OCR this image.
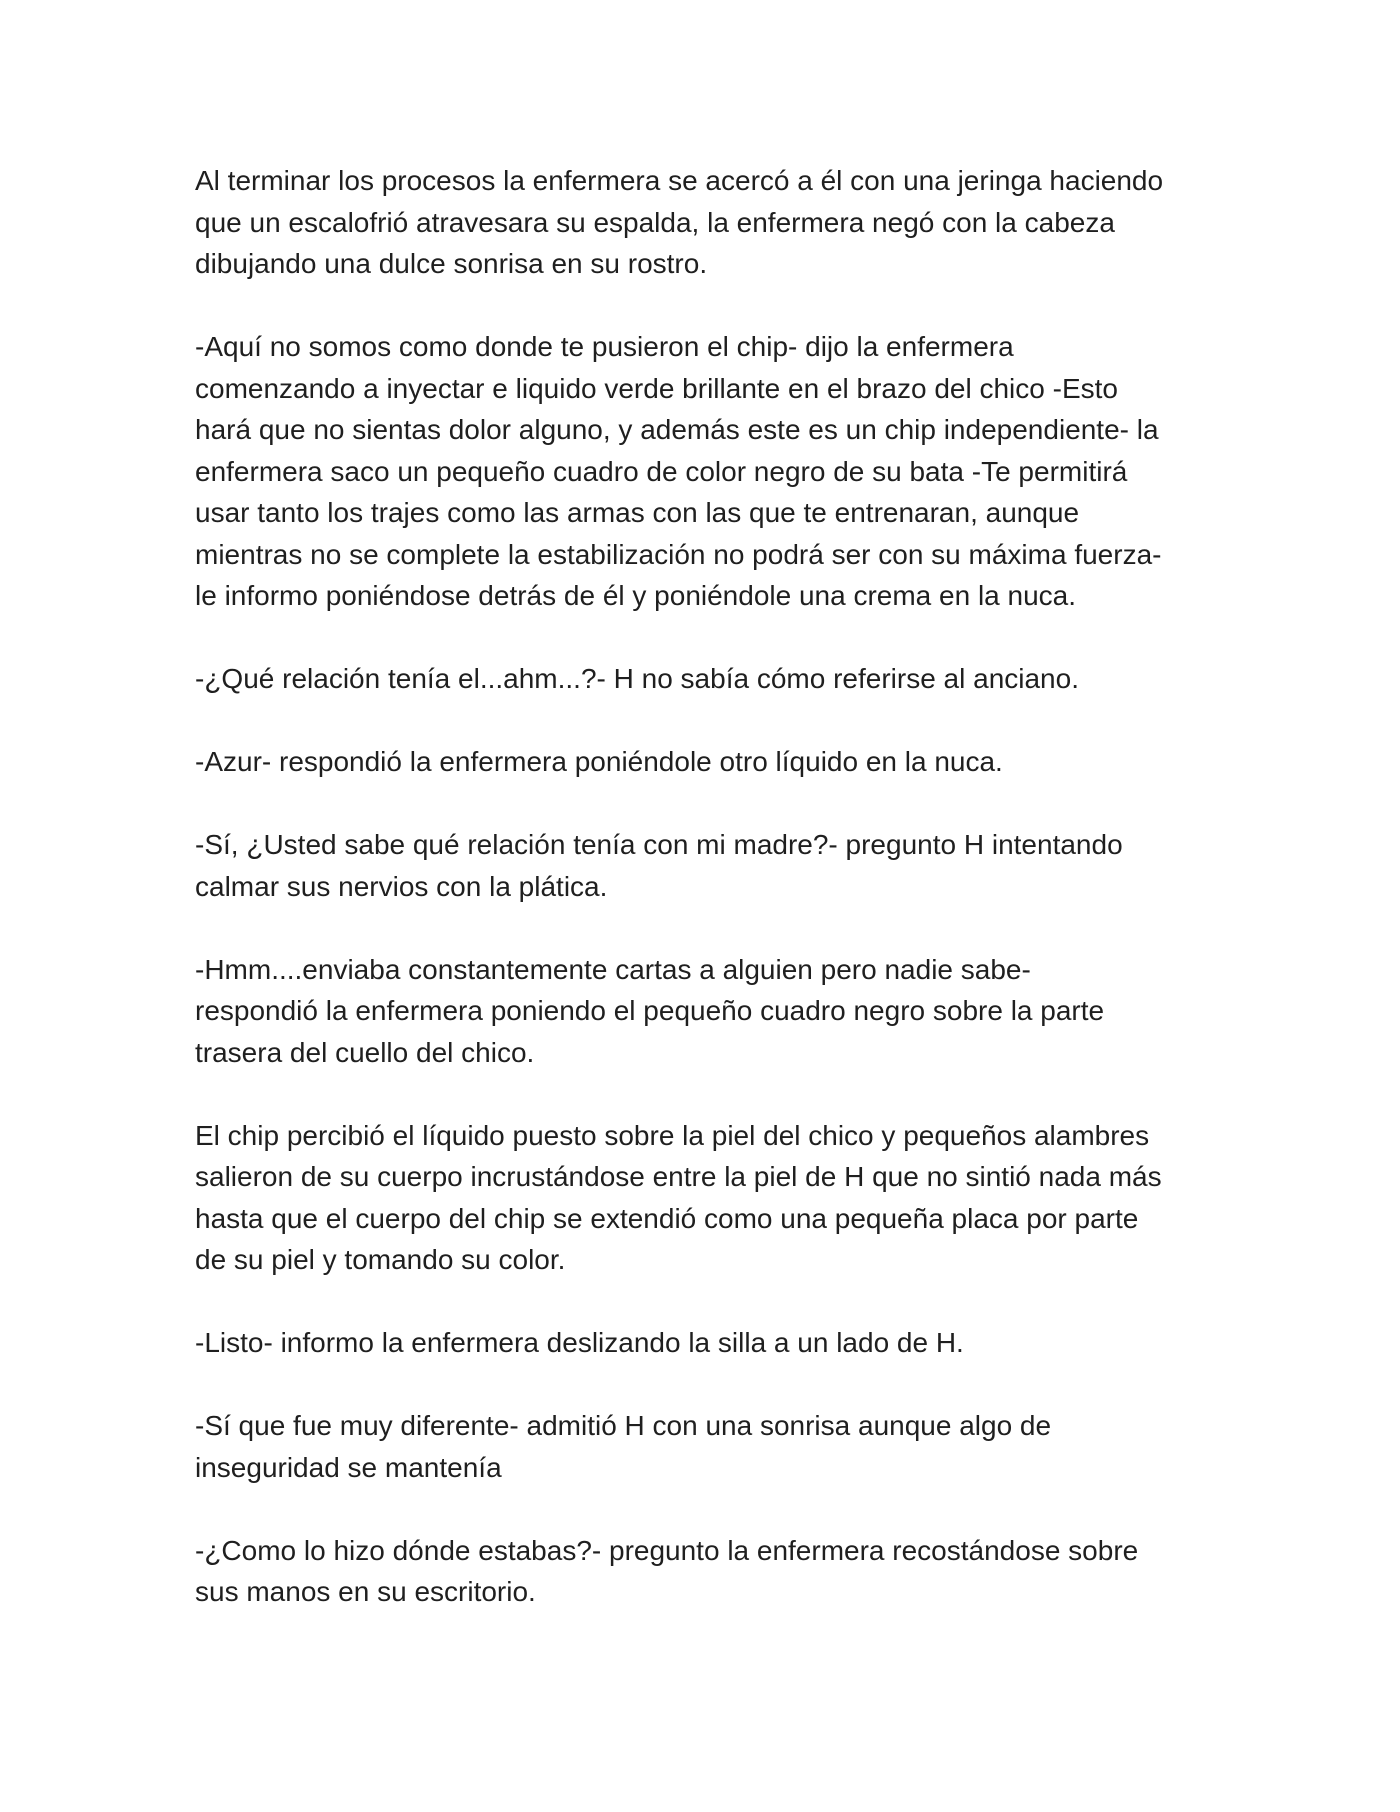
Al terminar los procesos la enfermera se acercó a él con una jeringa haciendo
que un escalofrió atravesara su espalda, la enfermera negó con la cabeza
dibujando una dulce sonrisa en su rostro.

-Aquí no somos como donde te pusieron el chip- dijo la enfermera
comenzando a inyectar e liquido verde brillante en el brazo del chico -Esto
hará que no sientas dolor alguno, y además este es un chip independiente- la
enfermera saco un pequeño cuadro de color negro de su bata -Te permitirá
usar tanto los trajes como las armas con las que te entrenaran, aunque
mientras no se complete la estabilización no podrá ser con su máxima fuerza-
le informo poniéndose detrás de él y poniéndole una crema en la nuca.

-¿Qué relación tenía el...ahm...?- H no sabía cómo referirse al anciano.

-Azur- respondió la enfermera poniéndole otro líquido en la nuca.

-Sí, ¿Usted sabe qué relación tenía con mi madre?- pregunto H intentando
calmar sus nervios con la plática.

-Hmm....enviaba constantemente cartas a alguien pero nadie sabe-
respondió la enfermera poniendo el pequeño cuadro negro sobre la parte
trasera del cuello del chico.

El chip percibió el líquido puesto sobre la piel del chico y pequeños alambres
salieron de su cuerpo incrustándose entre la piel de H que no sintió nada más
hasta que el cuerpo del chip se extendió como una pequeña placa por parte
de su piel y tomando su color.

-Listo- informo la enfermera deslizando la silla a un lado de H.

-Sí que fue muy diferente- admitió H con una sonrisa aunque algo de
inseguridad se mantenía

-¿Como lo hizo dónde estabas?- pregunto la enfermera recostándose sobre
sus manos en su escritorio.
